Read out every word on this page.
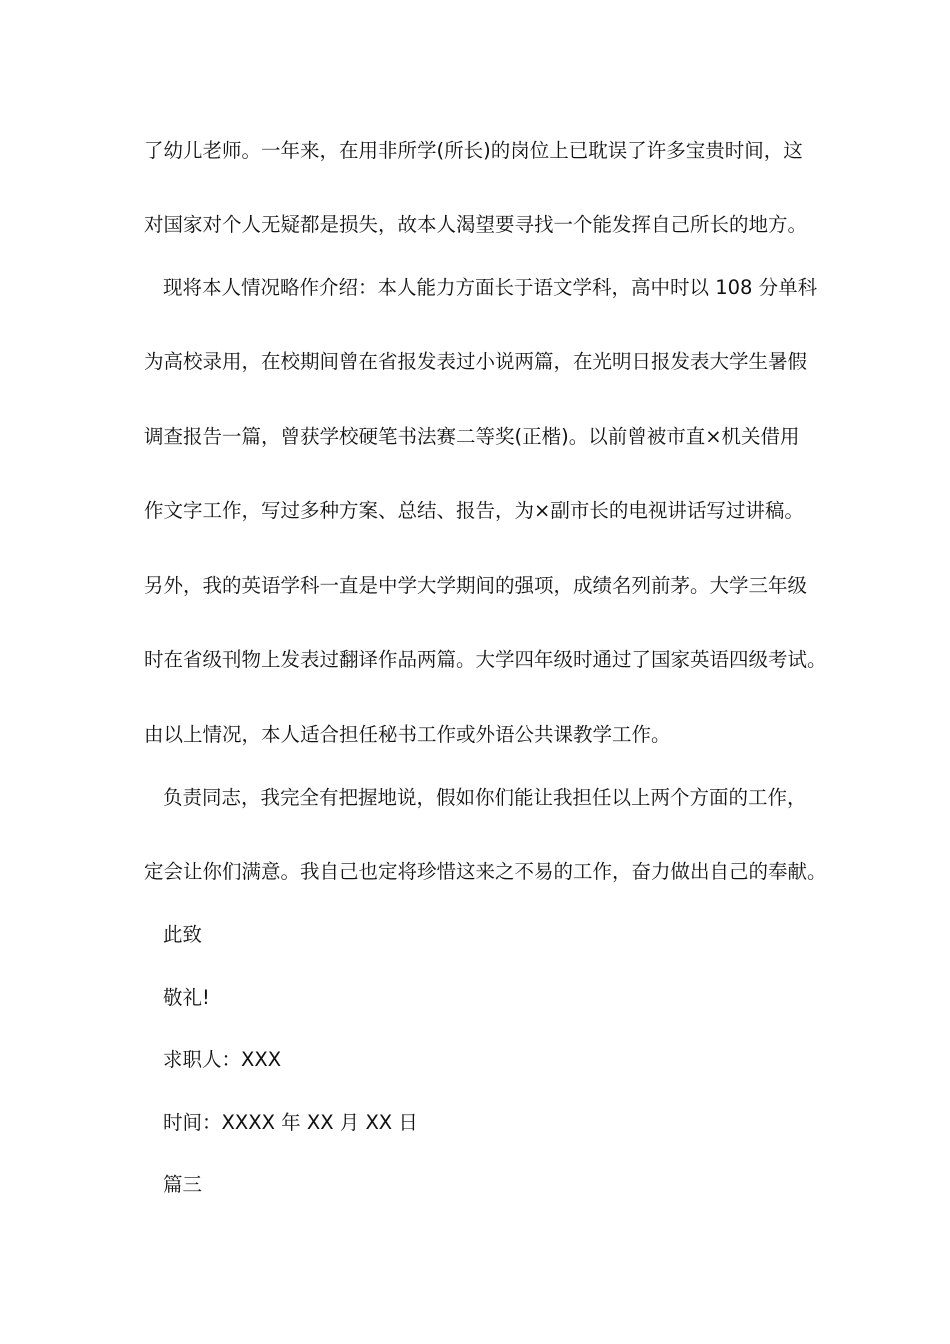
了幼儿老师。一年来，在用非所学(所长)的岗位上已耽误了许多宝贵时间，这
对国家对个人无疑都是损失，故本人渴望要寻找一个能发挥自己所长的地方。
现将本人情况略作介绍：本人能力方面长于语文学科，高中时以 108 分单科
为高校录用，在校期间曾在省报发表过小说两篇，在光明日报发表大学生暑假
调查报告一篇，曾获学校硬笔书法赛二等奖(正楷)。以前曾被市直×机关借用
作文字工作，写过多种方案、总结、报告，为×副市长的电视讲话写过讲稿。
另外，我的英语学科一直是中学大学期间的强项，成绩名列前茅。大学三年级
时在省级刊物上发表过翻译作品两篇。大学四年级时通过了国家英语四级考试。
由以上情况，本人适合担任秘书工作或外语公共课教学工作。
负责同志，我完全有把握地说，假如你们能让我担任以上两个方面的工作，
定会让你们满意。我自己也定将珍惜这来之不易的工作，奋力做出自己的奉献。
此致
敬礼!
求职人：XXX
时间：XXXX 年 XX 月 XX 日
篇三
